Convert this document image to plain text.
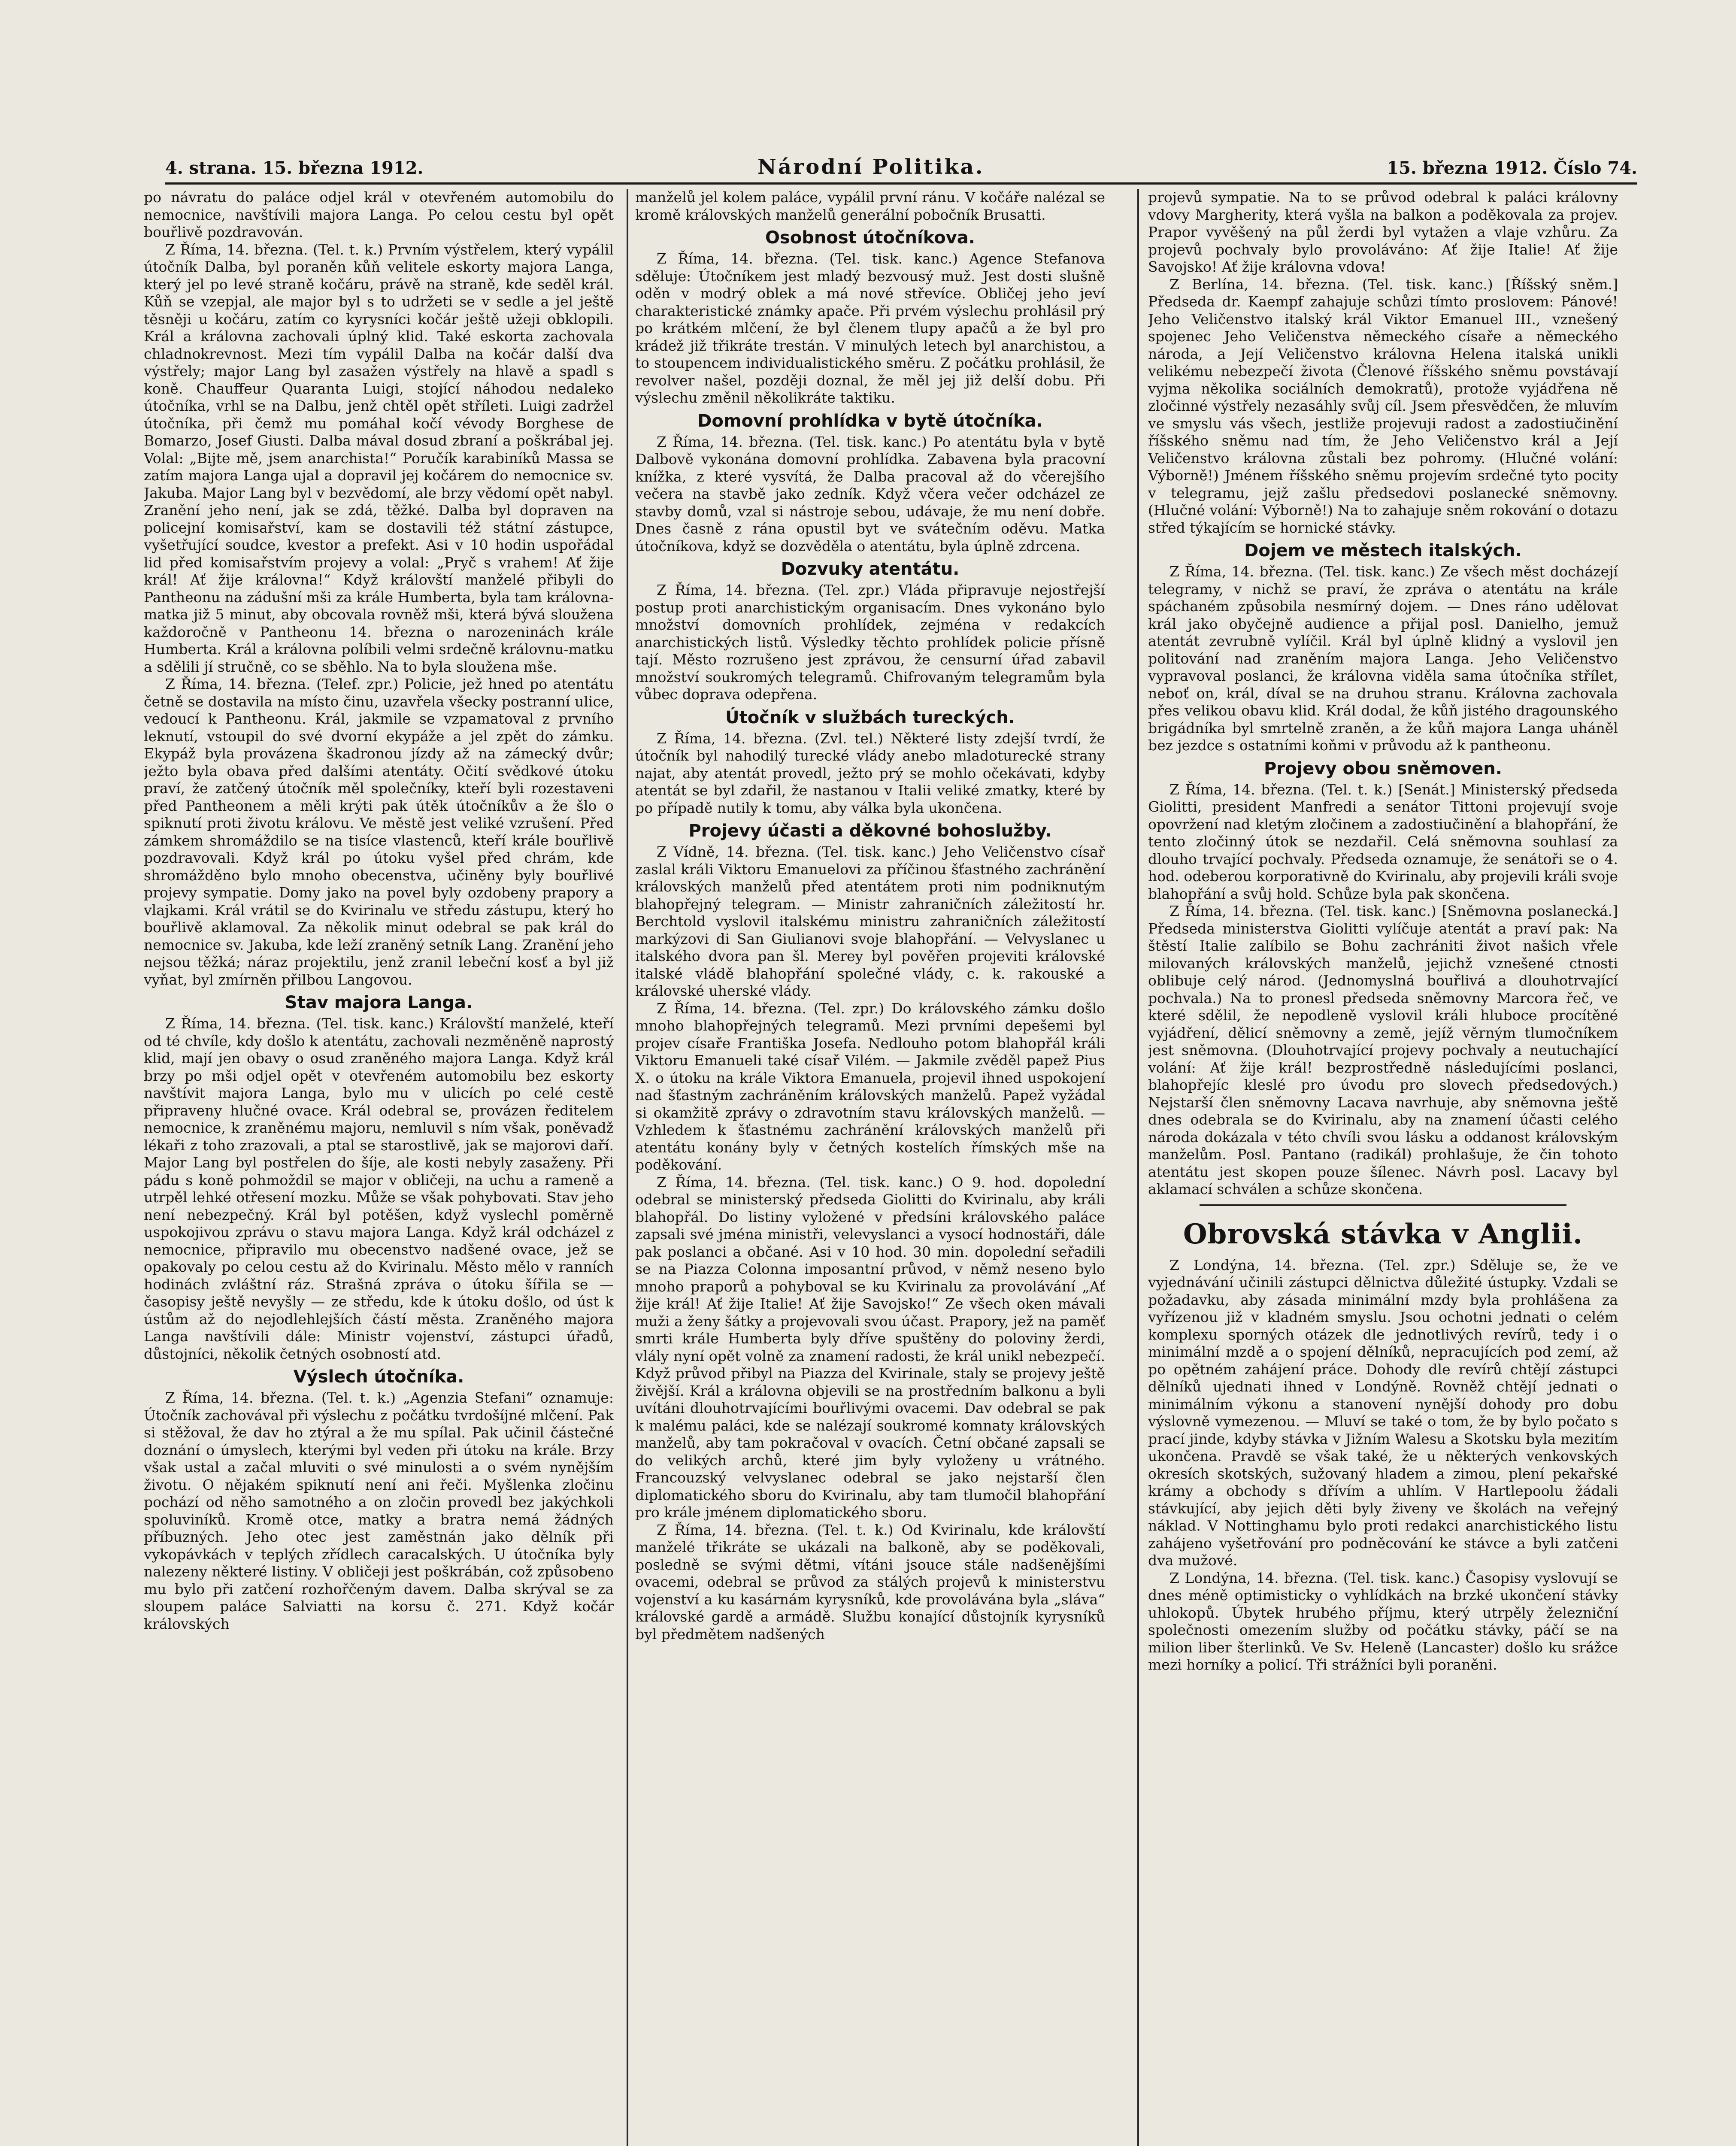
4. strana. 15. března 1912.	Národní Politika.	15. března 1912. Číslo 74.

po návratu do paláce odjel král v otevřeném automobilu do nemocnice, navštívili majora Langa. Po celou cestu byl opět bouřlivě pozdravován.

Z Říma, 14. března. (Tel. t. k.) Prvním výstřelem, který vypálil útočník Dalba, byl poraněn kůň velitele eskorty majora Langa, který jel po levé straně kočáru, právě na straně, kde seděl král. Kůň se vzepjal, ale major byl s to udržeti se v sedle a jel ještě těsněji u kočáru, zatím co kyrysníci kočár ještě užeji obklopili. Král a královna zachovali úplný klid. Také eskorta zachovala chladnokrevnost. Mezi tím vypálil Dalba na kočár další dva výstřely; major Lang byl zasažen výstřely na hlavě a spadl s koně. Chauffeur Quaranta Luigi, stojící náhodou nedaleko útočníka, vrhl se na Dalbu, jenž chtěl opět stříleti. Luigi zadržel útočníka, při čemž mu pomáhal kočí vévody Borghese de Bomarzo, Josef Giusti. Dalba mával dosud zbraní a poškrábal jej. Volal: „Bijte mě, jsem anarchista!“ Poručík karabiníků Massa se zatím majora Langa ujal a dopravil jej kočárem do nemocnice sv. Jakuba. Major Lang byl v bezvědomí, ale brzy vědomí opět nabyl. Zranění jeho není, jak se zdá, těžké. Dalba byl dopraven na policejní komisařství, kam se dostavili též státní zástupce, vyšetřující soudce, kvestor a prefekt. Asi v 10 hodin uspořádal lid před komisařstvím projevy a volal: „Pryč s vrahem! Ať žije král! Ať žije královna!“ Když královští manželé přibyli do Pantheonu na zádušní mši za krále Humberta, byla tam královna-matka již 5 minut, aby obcovala rovněž mši, která bývá sloužena každoročně v Pantheonu 14. března o narozeninách krále Humberta. Král a královna políbili velmi srdečně královnu-matku a sdělili jí stručně, co se sběhlo. Na to byla sloužena mše.

Z Říma, 14. března. (Telef. zpr.) Policie, jež hned po atentátu četně se dostavila na místo činu, uzavřela všecky postranní ulice, vedoucí k Pantheonu. Král, jakmile se vzpamatoval z prvního leknutí, vstoupil do své dvorní ekypáže a jel zpět do zámku. Ekypáž byla provázena škadronou jízdy až na zámecký dvůr; ježto byla obava před dalšími atentáty. Očití svědkové útoku praví, že zatčený útočník měl společníky, kteří byli rozestaveni před Pantheonem a měli krýti pak útěk útočníkův a že šlo o spiknutí proti životu královu. Ve městě jest veliké vzrušení. Před zámkem shromáždilo se na tisíce vlastenců, kteří krále bouřlivě pozdravovali. Když král po útoku vyšel před chrám, kde shromážděno bylo mnoho obecenstva, učiněny byly bouřlivé projevy sympatie. Domy jako na povel byly ozdobeny prapory a vlajkami. Král vrátil se do Kvirinalu ve středu zástupu, který ho bouřlivě aklamoval. Za několik minut odebral se pak král do nemocnice sv. Jakuba, kde leží zraněný setník Lang. Zranění jeho nejsou těžká; náraz projektilu, jenž zranil lebeční kosť a byl již vyňat, byl zmírněn přilbou Langovou.

Stav majora Langa.

Z Říma, 14. března. (Tel. tisk. kanc.) Královští manželé, kteří od té chvíle, kdy došlo k atentátu, zachovali nezměněně naprostý klid, mají jen obavy o osud zraněného majora Langa. Když král brzy po mši odjel opět v otevřeném automobilu bez eskorty navštívit majora Langa, bylo mu v ulicích po celé cestě připraveny hlučné ovace. Král odebral se, provázen ředitelem nemocnice, k zraněnému majoru, nemluvil s ním však, poněvadž lékaři z toho zrazovali, a ptal se starostlivě, jak se majorovi daří. Major Lang byl postřelen do šíje, ale kosti nebyly zasaženy. Při pádu s koně pohmoždil se major v obličeji, na uchu a rameně a utrpěl lehké otřesení mozku. Může se však pohybovati. Stav jeho není nebezpečný. Král byl potěšen, když vyslechl poměrně uspokojivou zprávu o stavu majora Langa. Když král odcházel z nemocnice, připravilo mu obecenstvo nadšené ovace, jež se opakovaly po celou cestu až do Kvirinalu. Město mělo v ranních hodinách zvláštní ráz. Strašná zpráva o útoku šířila se — časopisy ještě nevyšly — ze středu, kde k útoku došlo, od úst k ústům až do nejodlehlejších částí města. Zraněného majora Langa navštívili dále: Ministr vojenství, zástupci úřadů, důstojníci, několik četných osobností atd.

Výslech útočníka.

Z Říma, 14. března. (Tel. t. k.) „Agenzia Stefani“ oznamuje: Útočník zachovával při výslechu z počátku tvrdošíjné mlčení. Pak si stěžoval, že dav ho ztýral a že mu spílal. Pak učinil částečné doznání o úmyslech, kterými byl veden při útoku na krále. Brzy však ustal a začal mluviti o své minulosti a o svém nynějším životu. O nějakém spiknutí není ani řeči. Myšlenka zločinu pochází od něho samotného a on zločin provedl bez jakýchkoli spoluviníků. Kromě otce, matky a bratra nemá žádných příbuzných. Jeho otec jest zaměstnán jako dělník při vykopávkách v teplých zřídlech caracalských. U útočníka byly nalezeny některé listiny. V obličeji jest poškrábán, což způsobeno mu bylo při zatčení rozhořčeným davem. Dalba skrýval se za sloupem paláce Salviatti na korsu č. 271. Když kočár královských

manželů jel kolem paláce, vypálil první ránu. V kočáře nalézal se kromě královských manželů generální pobočník Brusatti.

Osobnost útočníkova.

Z Říma, 14. března. (Tel. tisk. kanc.) Agence Stefanova sděluje: Útočníkem jest mladý bezvousý muž. Jest dosti slušně oděn v modrý oblek a má nové střevíce. Obličej jeho jeví charakteristické známky apače. Při prvém výslechu prohlásil prý po krátkém mlčení, že byl členem tlupy apačů a že byl pro krádež již třikráte trestán. V minulých letech byl anarchistou, a to stoupencem individualistického směru. Z počátku prohlásil, že revolver našel, později doznal, že měl jej již delší dobu. Při výslechu změnil několikráte taktiku.

Domovní prohlídka v bytě útočníka.

Z Říma, 14. března. (Tel. tisk. kanc.) Po atentátu byla v bytě Dalbově vykonána domovní prohlídka. Zabavena byla pracovní knížka, z které vysvítá, že Dalba pracoval až do včerejšího večera na stavbě jako zedník. Když včera večer odcházel ze stavby domů, vzal si nástroje sebou, udávaje, že mu není dobře. Dnes časně z rána opustil byt ve svátečním oděvu. Matka útočníkova, když se dozvěděla o atentátu, byla úplně zdrcena.

Dozvuky atentátu.

Z Říma, 14. března. (Tel. zpr.) Vláda připravuje nejostřejší postup proti anarchistickým organisacím. Dnes vykonáno bylo množství domovních prohlídek, zejména v redakcích anarchistických listů. Výsledky těchto prohlídek policie přísně tají. Město rozrušeno jest zprávou, že censurní úřad zabavil množství soukromých telegramů. Chifrovaným telegramům byla vůbec doprava odepřena.

Útočník v službách tureckých.

Z Říma, 14. března. (Zvl. tel.) Některé listy zdejší tvrdí, že útočník byl nahodilý turecké vlády anebo mladoturecké strany najat, aby atentát provedl, ježto prý se mohlo očekávati, kdyby atentát se byl zdařil, že nastanou v Italii veliké zmatky, které by po případě nutily k tomu, aby válka byla ukončena.

Projevy účasti a děkovné bohoslužby.

Z Vídně, 14. března. (Tel. tisk. kanc.) Jeho Veličenstvo císař zaslal králi Viktoru Emanuelovi za příčinou šťastného zachránění královských manželů před atentátem proti nim podniknutým blahopřejný telegram. — Ministr zahraničních záležitostí hr. Berchtold vyslovil italskému ministru zahraničních záležitostí markýzovi di San Giulianovi svoje blahopřání. — Velvyslanec u italského dvora pan šl. Merey byl pověřen projeviti královské italské vládě blahopřání společné vlády, c. k. rakouské a královské uherské vlády.

Z Říma, 14. března. (Tel. zpr.) Do královského zámku došlo mnoho blahopřejných telegramů. Mezi prvními depešemi byl projev císaře Františka Josefa. Nedlouho potom blahopřál králi Viktoru Emanueli také císař Vilém. — Jakmile zvěděl papež Pius X. o útoku na krále Viktora Emanuela, projevil ihned uspokojení nad šťastným zachráněním královských manželů. Papež vyžádal si okamžitě zprávy o zdravotním stavu královských manželů. — Vzhledem k šťastnému zachránění královských manželů při atentátu konány byly v četných kostelích římských mše na poděkování.

Z Říma, 14. března. (Tel. tisk. kanc.) O 9. hod. dopolední odebral se ministerský předseda Giolitti do Kvirinalu, aby králi blahopřál. Do listiny vyložené v předsíni královského paláce zapsali své jména ministři, velevyslanci a vysocí hodnostáři, dále pak poslanci a občané. Asi v 10 hod. 30 min. dopolední seřadili se na Piazza Colonna imposantní průvod, v němž neseno bylo mnoho praporů a pohyboval se ku Kvirinalu za provolávání „Ať žije král! Ať žije Italie! Ať žije Savojsko!“ Ze všech oken mávali muži a ženy šátky a projevovali svou účast. Prapory, jež na paměť smrti krále Humberta byly dříve spuštěny do poloviny žerdi, vlály nyní opět volně za znamení radosti, že král unikl nebezpečí. Když průvod přibyl na Piazza del Kvirinale, staly se projevy ještě živější. Král a královna objevili se na prostředním balkonu a byli uvítáni dlouhotrvajícími bouřlivými ovacemi. Dav odebral se pak k malému paláci, kde se nalézají soukromé komnaty královských manželů, aby tam pokračoval v ovacích. Četní občané zapsali se do velikých archů, které jim byly vyloženy u vrátného. Francouzský velvyslanec odebral se jako nejstarší člen diplomatického sboru do Kvirinalu, aby tam tlumočil blahopřání pro krále jménem diplomatického sboru.

Z Říma, 14. března. (Tel. t. k.) Od Kvirinalu, kde královští manželé třikráte se ukázali na balkoně, aby se poděkovali, posledně se svými dětmi, vítáni jsouce stále nadšenějšími ovacemi, odebral se průvod za stálých projevů k ministerstvu vojenství a ku kasárnám kyrysníků, kde provolávána byla „sláva“ královské gardě a armádě. Službu konající důstojník kyrysníků byl předmětem nadšených

projevů sympatie. Na to se průvod odebral k paláci královny vdovy Margherity, která vyšla na balkon a poděkovala za projev. Prapor vyvěšený na půl žerdi byl vytažen a vlaje vzhůru. Za projevů pochvaly bylo provoláváno: Ať žije Italie! Ať žije Savojsko! Ať žije královna vdova!

Z Berlína, 14. března. (Tel. tisk. kanc.) [Říšský sněm.] Předseda dr. Kaempf zahajuje schůzi tímto proslovem: Pánové! Jeho Veličenstvo italský král Viktor Emanuel III., vznešený spojenec Jeho Veličenstva německého císaře a německého národa, a Její Veličenstvo královna Helena italská unikli velikému nebezpečí života (Členové říšského sněmu povstávají vyjma několika sociálních demokratů), protože vyjádřena ně zločinné výstřely nezasáhly svůj cíl. Jsem přesvědčen, že mluvím ve smyslu vás všech, jestliže projevuji radost a zadostiučinění říšského sněmu nad tím, že Jeho Veličenstvo král a Její Veličenstvo královna zůstali bez pohromy. (Hlučné volání: Výborně!) Jménem říšského sněmu projevím srdečné tyto pocity v telegramu, jejž zašlu předsedovi poslanecké sněmovny. (Hlučné volání: Výborně!) Na to zahajuje sněm rokování o dotazu střed týkajícím se hornické stávky.

Dojem ve městech italských.

Z Říma, 14. března. (Tel. tisk. kanc.) Ze všech měst docházejí telegramy, v nichž se praví, že zpráva o atentátu na krále spáchaném způsobila nesmírný dojem. — Dnes ráno udělovat král jako obyčejně audience a přijal posl. Danielho, jemuž atentát zevrubně vylíčil. Král byl úplně klidný a vyslovil jen politování nad zraněním majora Langa. Jeho Veličenstvo vypravoval poslanci, že královna viděla sama útočníka střílet, neboť on, král, díval se na druhou stranu. Královna zachovala přes velikou obavu klid. Král dodal, že kůň jistého dragounského brigádníka byl smrtelně zraněn, a že kůň majora Langa uháněl bez jezdce s ostatními koňmi v průvodu až k pantheonu.

Projevy obou sněmoven.

Z Říma, 14. března. (Tel. t. k.) [Senát.] Ministerský předseda Giolitti, president Manfredi a senátor Tittoni projevují svoje opovržení nad kletým zločinem a zadostiučinění a blahopřání, že tento zločinný útok se nezdařil. Celá sněmovna souhlasí za dlouho trvající pochvaly. Předseda oznamuje, že senátoři se o 4. hod. odeberou korporativně do Kvirinalu, aby projevili králi svoje blahopřání a svůj hold. Schůze byla pak skončena.

Z Říma, 14. března. (Tel. tisk. kanc.) [Sněmovna poslanecká.] Předseda ministerstva Giolitti vylíčuje atentát a praví pak: Na štěstí Italie zalíbilo se Bohu zachrániti život našich vřele milovaných královských manželů, jejichž vznešené ctnosti oblibuje celý národ. (Jednomyslná bouřlivá a dlouhotrvající pochvala.) Na to pronesl předseda sněmovny Marcora řeč, ve které sdělil, že nepodleně vyslovil králi hluboce procítěné vyjádření, dělicí sněmovny a země, jejíž věrným tlumočníkem jest sněmovna. (Dlouhotrvající projevy pochvaly a neutuchající volání: Ať žije král! bezprostředně následujícími poslanci, blahopřejíc kleslé pro úvodu pro slovech předsedových.) Nejstarší člen sněmovny Lacava navrhuje, aby sněmovna ještě dnes odebrala se do Kvirinalu, aby na znamení účasti celého národa dokázala v této chvíli svou lásku a oddanost královským manželům. Posl. Pantano (radikál) prohlašuje, že čin tohoto atentátu jest skopen pouze šílenec. Návrh posl. Lacavy byl aklamací schválen a schůze skončena.

Obrovská stávka v Anglii.

Z Londýna, 14. března. (Tel. zpr.) Sděluje se, že ve vyjednávání učinili zástupci dělnictva důležité ústupky. Vzdali se požadavku, aby zásada minimální mzdy byla prohlášena za vyřízenou již v kladném smyslu. Jsou ochotni jednati o celém komplexu sporných otázek dle jednotlivých revírů, tedy i o minimální mzdě a o spojení dělníků, nepracujících pod zemí, až po opětném zahájení práce. Dohody dle revírů chtějí zástupci dělníků ujednati ihned v Londýně. Rovněž chtějí jednati o minimálním výkonu a stanovení nynější dohody pro dobu výslovně vymezenou. — Mluví se také o tom, že by bylo počato s prací jinde, kdyby stávka v Jižním Walesu a Skotsku byla mezitím ukončena. Pravdě se však také, že u některých venkovských okresích skotských, sužovaný hladem a zimou, plení pekařské krámy a obchody s dřívím a uhlím. V Hartlepoolu žádali stávkující, aby jejich děti byly živeny ve školách na veřejný náklad. V Nottinghamu bylo proti redakci anarchistického listu zahájeno vyšetřování pro podněcování ke stávce a byli zatčeni dva mužové.

Z Londýna, 14. března. (Tel. tisk. kanc.) Časopisy vyslovují se dnes méně optimisticky o vyhlídkách na brzké ukončení stávky uhlokopů. Úbytek hrubého příjmu, který utrpěly železniční společnosti omezením služby od počátku stávky, páčí se na milion liber šterlinků. Ve Sv. Heleně (Lancaster) došlo ku srážce mezi horníky a policí. Tři strážníci byli poraněni.
